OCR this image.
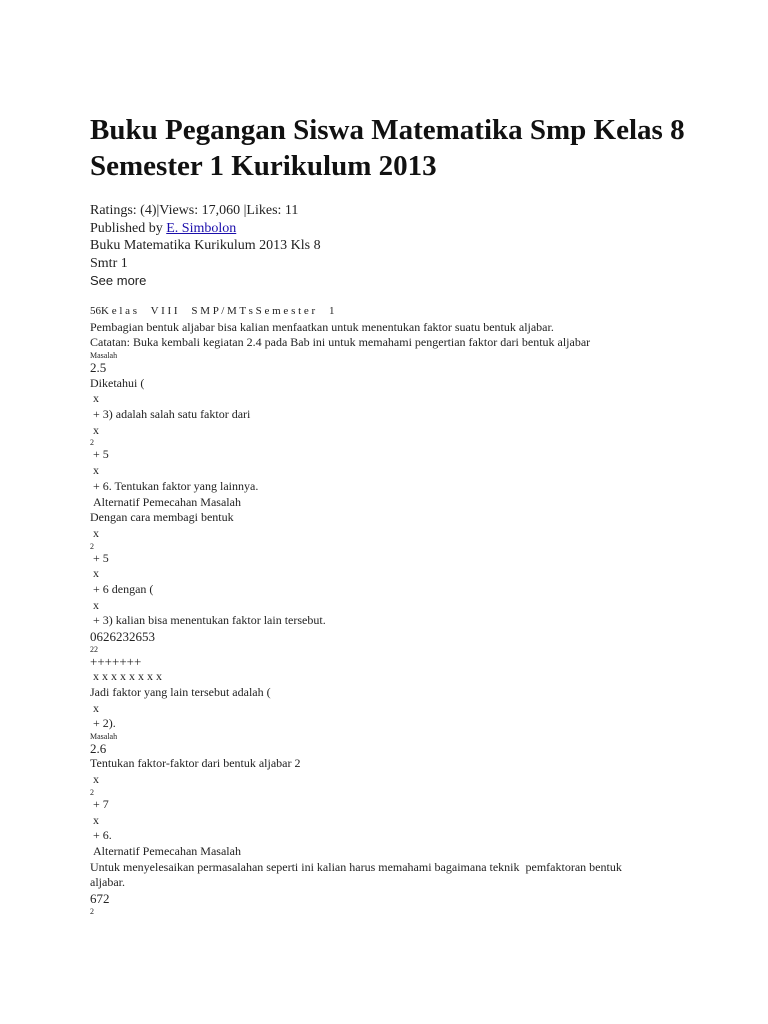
Buku Pegangan Siswa Matematika Smp Kelas 8 Semester 1 Kurikulum 2013
Ratings: (4)|Views: 17,060 |Likes: 11
Published by E. Simbolon
Buku Matematika Kurikulum 2013 Kls 8
Smtr 1
See more
56K e l a s     V I I I     S M P / M T s S e m e s t e r     1
Pembagian bentuk aljabar bisa kalian menfaatkan untuk menentukan faktor suatu bentuk aljabar.
Catatan: Buka kembali kegiatan 2.4 pada Bab ini untuk memahami pengertian faktor dari bentuk aljabar
Masalah
2.5
Diketahui (
x
+ 3) adalah salah satu faktor dari
x
2
+ 5
x
+ 6. Tentukan faktor yang lainnya.
Alternatif Pemecahan Masalah
Dengan cara membagi bentuk
x
2
+ 5
x
+ 6 dengan (
x
+ 3) kalian bisa menentukan faktor lain tersebut.
0626232653
22
+++++++
x x x x x x x x
Jadi faktor yang lain tersebut adalah (
x
+ 2).
Masalah
2.6
Tentukan faktor-faktor dari bentuk aljabar 2
x
2
+ 7
x
+ 6.
Alternatif Pemecahan Masalah
Untuk menyelesaikan permasalahan seperti ini kalian harus memahami bagaimana teknik  pemfaktoran bentuk
aljabar.
672
2
